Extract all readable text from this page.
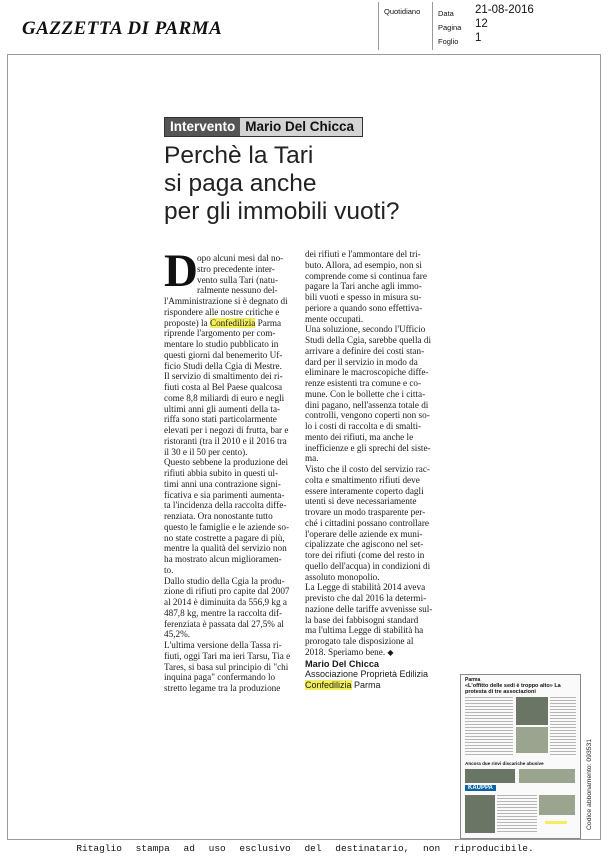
GAZZETTA DI PARMA
Quotidiano Data 21-08-2016
Pagina 12
Foglio 1
Intervento Mario Del Chicca
Perchè la Tari
si paga anche
per gli immobili vuoti?
D opo alcuni mesi dal no-
stro precedente inter-
vento sulla Tari (natu-
ralmente nessuno del-
l'Amministrazione si è degnato di
rispondere alle nostre critiche e
proposte) la Confedilizia Parma
riprende l'argomento per com-
mentare lo studio pubblicato in
questi giorni dal benemerito Uf-
ficio Studi della Cgia di Mestre.
Il servizio di smaltimento dei ri-
fiuti costa al Bel Paese qualcosa
come 8,8 miliardi di euro e negli
ultimi anni gli aumenti della ta-
riffa sono stati particolarmente
elevati per i negozi di frutta, bar e
ristoranti (tra il 2010 e il 2016 tra
il 30 e il 50 per cento).
Questo sebbene la produzione dei
rifiuti abbia subito in questi ul-
timi anni una contrazione signi-
ficativa e sia parimenti aumenta-
ta l'incidenza della raccolta diffe-
renziata. Ora nonostante tutto
questo le famiglie e le aziende so-
no state costrette a pagare di più,
mentre la qualità del servizio non
ha mostrato alcun miglioramen-
to.
Dallo studio della Cgia la produ-
zione di rifiuti pro capite dal 2007
al 2014 è diminuita da 556,9 kg a
487,8 kg, mentre la raccolta dif-
ferenziata è passata dal 27,5% al
45,2%.
L'ultima versione della Tassa ri-
fiuti, oggi Tari ma ieri Tarsu, Tia e
Tares, si basa sul principio di "chi
inquina paga" confermando lo
stretto legame tra la produzione
dei rifiuti e l'ammontare del tri-
buto. Allora, ad esempio, non si
comprende come si continua fare
pagare la Tari anche agli immo-
bili vuoti e spesso in misura su-
periore a quando sono effettiva-
mente occupati.
Una soluzione, secondo l'Ufficio
Studi della Cgia, sarebbe quella di
arrivare a definire dei costi stan-
dard per il servizio in modo da
eliminare le macroscopiche diffe-
renze esistenti tra comune e co-
mune. Con le bollette che i citta-
dini pagano, nell'assenza totale di
controlli, vengono coperti non so-
lo i costi di raccolta e di smalti-
mento dei rifiuti, ma anche le
inefficienze e gli sprechi del siste-
ma.
Visto che il costo del servizio rac-
colta e smaltimento rifiuti deve
essere interamente coperto dagli
utenti si deve necessariamente
trovare un modo trasparente per-
ché i cittadini possano controllare
l'operare delle aziende ex muni-
cipalizzate che agiscono nel set-
tore dei rifiuti (come del resto in
quello dell'acqua) in condizioni di
assoluto monopolio.
La Legge di stabilità 2014 aveva
previsto che dal 2016 la determi-
nazione delle tariffe avvenisse sul-
la base dei fabbisogni standard
ma l'ultima Legge di stabilità ha
prorogato tale disposizione al
2018. Speriamo bene. ◆
Mario Del Chicca
Associazione Proprietà Edilizia
Confedilizia Parma	Parma
«L'offitto delle sedi è troppo alto» La protesta di tre associazioni
Ancora due rinvi discariche abusive
KAUPPA	Codice abbonamento: 093531
Ritaglio stampa ad uso esclusivo del destinatario, non riproducibile.
